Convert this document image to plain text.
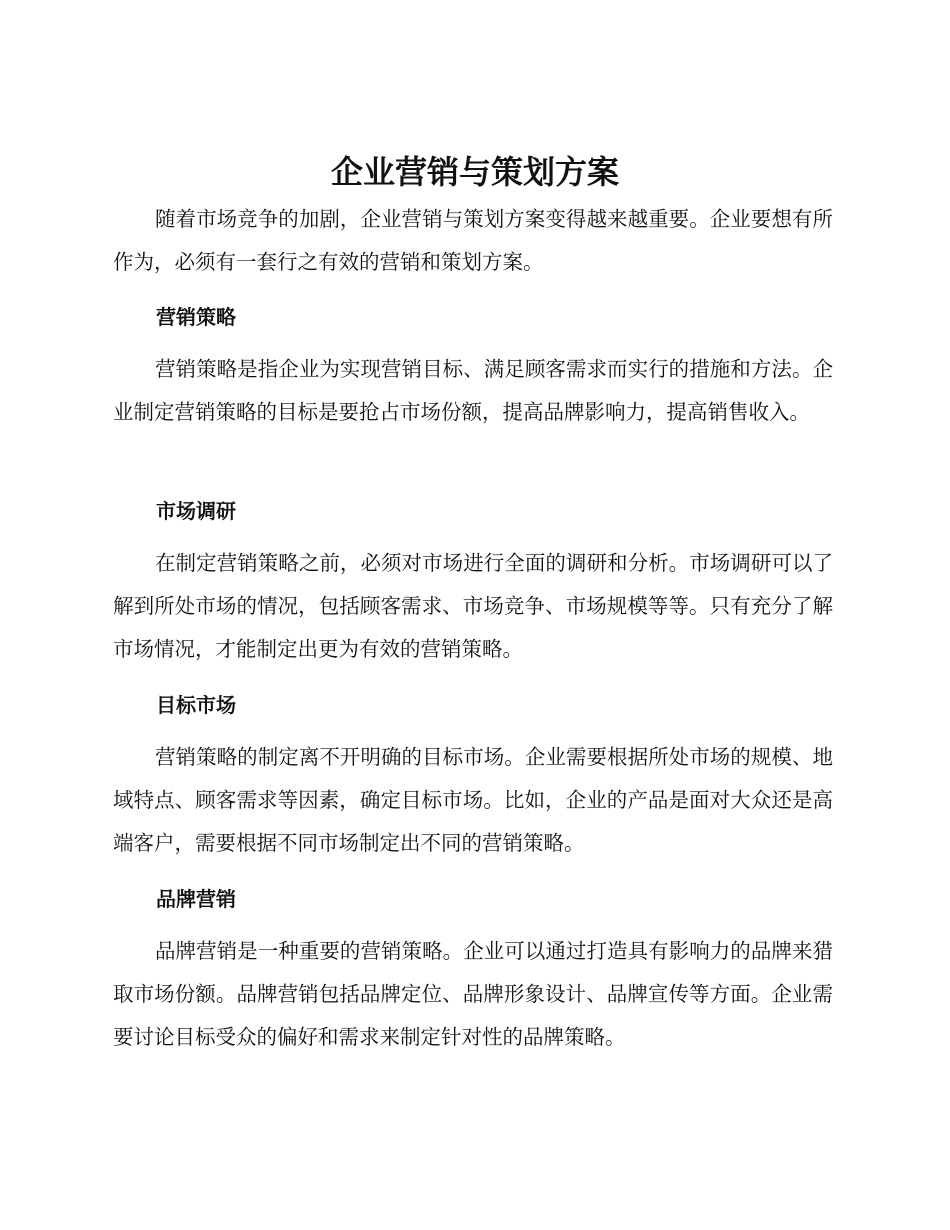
企业营销与策划方案

随着市场竞争的加剧，企业营销与策划方案变得越来越重要。企业要想有所作为，必须有一套行之有效的营销和策划方案。

营销策略

营销策略是指企业为实现营销目标、满足顾客需求而实行的措施和方法。企业制定营销策略的目标是要抢占市场份额，提高品牌影响力，提高销售收入。

市场调研

在制定营销策略之前，必须对市场进行全面的调研和分析。市场调研可以了解到所处市场的情况，包括顾客需求、市场竞争、市场规模等等。只有充分了解市场情况，才能制定出更为有效的营销策略。

目标市场

营销策略的制定离不开明确的目标市场。企业需要根据所处市场的规模、地域特点、顾客需求等因素，确定目标市场。比如，企业的产品是面对大众还是高端客户，需要根据不同市场制定出不同的营销策略。

品牌营销

品牌营销是一种重要的营销策略。企业可以通过打造具有影响力的品牌来猎取市场份额。品牌营销包括品牌定位、品牌形象设计、品牌宣传等方面。企业需要讨论目标受众的偏好和需求来制定针对性的品牌策略。
